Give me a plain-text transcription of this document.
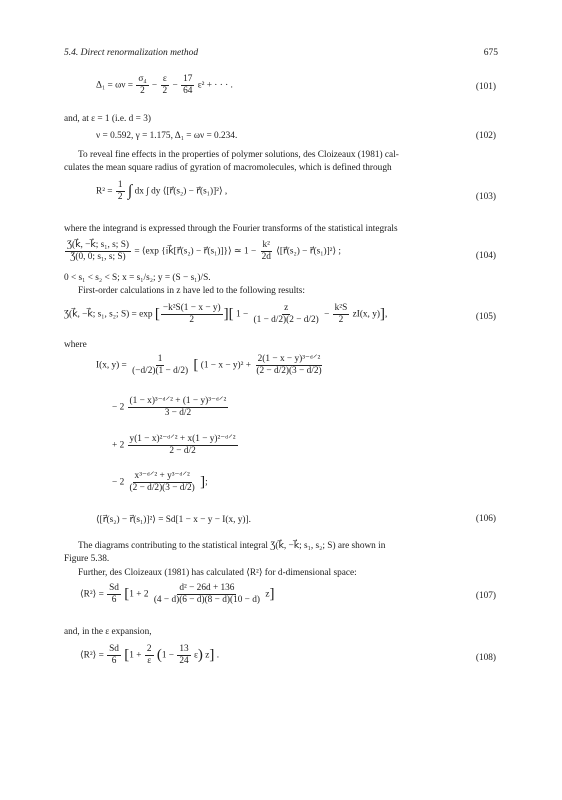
5.4. Direct renormalization method	675
$\Delta_1 = \omega\nu = \frac{\text{σ₄}}{2} - \frac{\varepsilon}{2} - \frac{17}{64} \varepsilon^2$ + · · · .	(101)
and, at ε = 1 (i.e. d = 3)
ν = 0.592, γ = 1.175, Δ₁ = ων = 0.234.	(102)
To reveal fine effects in the properties of polymer solutions, des Cloizeaux (1981) cal-
culates the mean square radius of gyration of macromolecules, which is defined through
$R^2 = \frac{1}{2}$ ∫ dx ∫ dy ⟨[r⃗(s₂) − r⃗(s₁)]²⟩ ,
(103)
where the integrand is expressed through the Fourier transforms of the statistical integrals
$\frac{\text{Ʒ(k⃗, −k⃗; s₁, s; S)}}{\text{Ʒ(0, 0; s₁, s; S)}}$ = ⟨exp {ik⃗[r⃗(s₂) − r⃗(s₁)]}⟩ ≃ $1 - \frac{\text{k²}}{2d}$ ⟨[r⃗(s₂) − r⃗(s₁)]²⟩ ;	(104)
0 < s₁ < s₂ < S; x = s₁/s₂; y = (S − s₁)/S.
First-order calculations in z have led to the following results:
Ʒ(k⃗, −k⃗; s₁, s₂; S) = exp [ $\frac{\text{−k²S(1 − x − y)}}{2}$ ][ $1 - \frac{z}{(1 - d/2)(2 - d/2)} - \frac{\text{k²S}}{2} zI(x$, y)],	(105)
where
I(x, $y) = \frac{1}{(-d/2)(1 - d/2)}$ [ $(1 - x - y)^2 + \frac{\text{2(1 − x − y)³⁻ᵈ⸍²}}{(2 - d/2)(3 - d/2)}$
− $2 \frac{\text{(1 − x)³⁻ᵈ⸍² + (1 − y)³⁻ᵈ⸍²}}{3 - d/2}$
+ $2 \frac{\text{y(1 − x)²⁻ᵈ⸍² + x(1 − y)²⁻ᵈ⸍²}}{2 - d/2}$
− $2 \frac{\text{x³⁻ᵈ⸍² + y³⁻ᵈ⸍²}}{(2 - d/2)(3 - d/2)}$ ];
⟨[r⃗(s₂) − r⃗(s₁)]²⟩ = Sd[1 − x − y − I(x, y)].	(106)
The diagrams contributing to the statistical integral Ʒ(k⃗, −k⃗; s₁, s₂; S) are shown in
Figure 5.38.
Further, des Cloizeaux (1981) has calculated ⟨R²⟩ for d-dimensional space:
⟨R²⟩ = $\frac{Sd}{6} [1 + 2 \frac{\text{d² − 26d + 136}}{(4 - d)(6 - d)(8 - d)(10 - d)} z]$	(107)
and, in the ε expansion,
⟨R²⟩ = $\frac{Sd}{6} [1 + \frac{2}{\varepsilon} (1 - \frac{13}{24} \varepsilon)$ z] .	(108)
